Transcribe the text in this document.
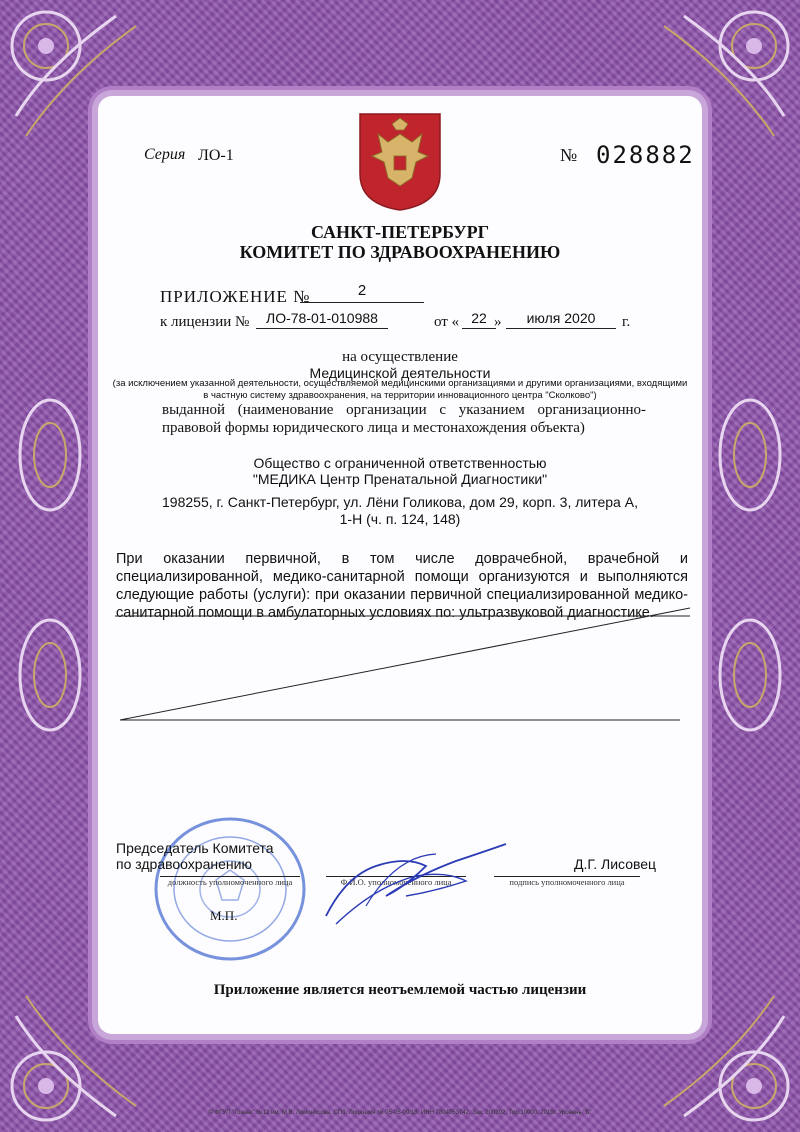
Серия ЛО-1	№ 028882
САНКТ-ПЕТЕРБУРГ
КОМИТЕТ ПО ЗДРАВООХРАНЕНИЮ
ПРИЛОЖЕНИЕ №	2
к лицензии №	ЛО-78-01-010988	от « 22 »	июля 2020	г.
на осуществление
Медицинской деятельности
(за исключением указанной деятельности, осуществляемой медицинскими организациями и другими организациями, входящими в частную систему здравоохранения, на территории инновационного центра "Сколково")
выданной (наименование организации с указанием организационно-правовой формы юридического лица и местонахождения объекта)
Общество с ограниченной ответственностью
"МЕДИКА Центр Пренатальной Диагностики"
198255, г. Санкт-Петербург, ул. Лёни Голикова, дом 29, корп. 3, литера А,
1-Н (ч. п. 124, 148)
При оказании первичной, в том числе доврачебной, врачебной и специализированной, медико-санитарной помощи организуются и выполняются следующие работы (услуги): при оказании первичной специализированной медико-санитарной помощи в амбулаторных условиях по: ультразвуковой диагностике.
Председатель Комитета
по здравоохранению	Д.Г. Лисовец
должность уполномоченного лица	Ф.И.О. уполномоченного лица	подпись уполномоченного лица
М.П.
Приложение является неотъемлемой частью лицензии
© ФГУП "Гознак" №12 им. М.В. Ломоносова, СПб. Лицензия № 05-05-09/18, ИНН 7804053742, Зак. 200392, Тир.10000, 2019г. Уровень "Б"
